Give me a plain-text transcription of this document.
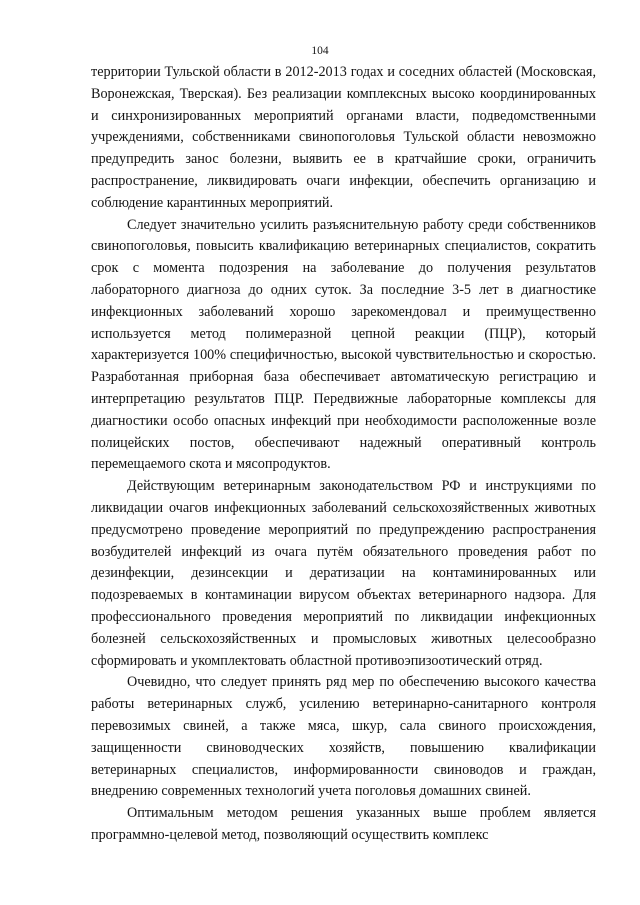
104

территории Тульской области в 2012-2013 годах и соседних областей (Московская, Воронежская, Тверская). Без реализации комплексных высоко координированных и синхронизированных мероприятий органами власти, подведомственными учреждениями, собственниками свинопоголовья Тульской области невозможно предупредить занос болезни, выявить ее в кратчайшие сроки, ограничить распространение, ликвидировать очаги инфекции, обеспечить организацию и соблюдение карантинных мероприятий.

Следует значительно усилить разъяснительную работу среди собственников свинопоголовья, повысить квалификацию ветеринарных специалистов, сократить срок с момента подозрения на заболевание до получения результатов лабораторного диагноза до одних суток. За последние 3-5 лет в диагностике инфекционных заболеваний хорошо зарекомендовал и преимущественно используется метод полимеразной цепной реакции (ПЦР), который характеризуется 100% специфичностью, высокой чувствительностью и скоростью. Разработанная приборная база обеспечивает автоматическую регистрацию и интерпретацию результатов ПЦР. Передвижные лабораторные комплексы для диагностики особо опасных инфекций при необходимости расположенные возле полицейских постов, обеспечивают надежный оперативный контроль перемещаемого скота и мясопродуктов.

Действующим ветеринарным законодательством РФ и инструкциями по ликвидации очагов инфекционных заболеваний сельскохозяйственных животных предусмотрено проведение мероприятий по предупреждению распространения возбудителей инфекций из очага путём обязательного проведения работ по дезинфекции, дезинсекции и дератизации на контаминированных или подозреваемых в контаминации вирусом объектах ветеринарного надзора. Для профессионального проведения мероприятий по ликвидации инфекционных болезней сельскохозяйственных и промысловых животных целесообразно сформировать и укомплектовать областной противоэпизоотический отряд.

Очевидно, что следует принять ряд мер по обеспечению высокого качества работы ветеринарных служб, усилению ветеринарно-санитарного контроля перевозимых свиней, а также мяса, шкур, сала свиного происхождения, защищенности свиноводческих хозяйств, повышению квалификации ветеринарных специалистов, информированности свиноводов и граждан, внедрению современных технологий учета поголовья домашних свиней.

Оптимальным методом решения указанных выше проблем является программно-целевой метод, позволяющий осуществить комплекс
